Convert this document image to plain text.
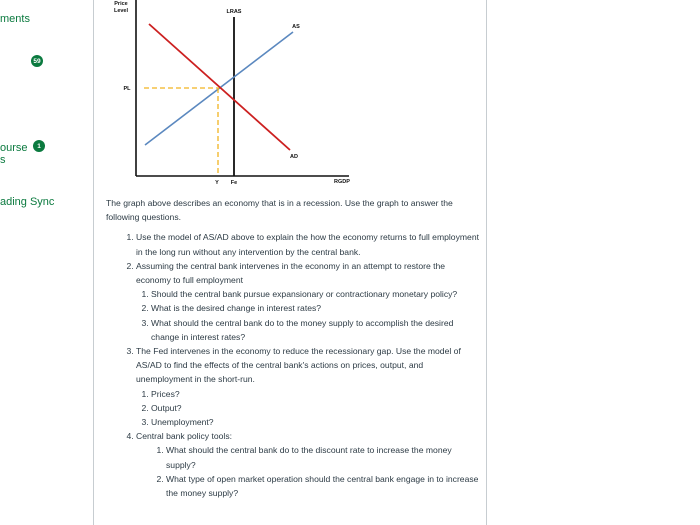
ments
59
ourse
s
1
ading Sync
Price
Level	LRAS
AS
AD
PL
Y Fe	RGDP

The graph above describes an economy that is in a recession. Use the graph to answer the following questions.

1. Use the model of AS/AD above to explain the how the economy returns to full employment in the long run without any intervention by the central bank.
2. Assuming the central bank intervenes in the economy in an attempt to restore the economy to full employment
1. Should the central bank pursue expansionary or contractionary monetary policy?
2. What is the desired change in interest rates?
3. What should the central bank do to the money supply to accomplish the desired change in interest rates?
3. The Fed intervenes in the economy to reduce the recessionary gap. Use the model of AS/AD to find the effects of the central bank's actions on prices, output, and unemployment in the short-run.
1. Prices?
2. Output?
3. Unemployment?
4. Central bank policy tools:
1. What should the central bank do to the discount rate to increase the money supply?
2. What type of open market operation should the central bank engage in to increase the money supply?
